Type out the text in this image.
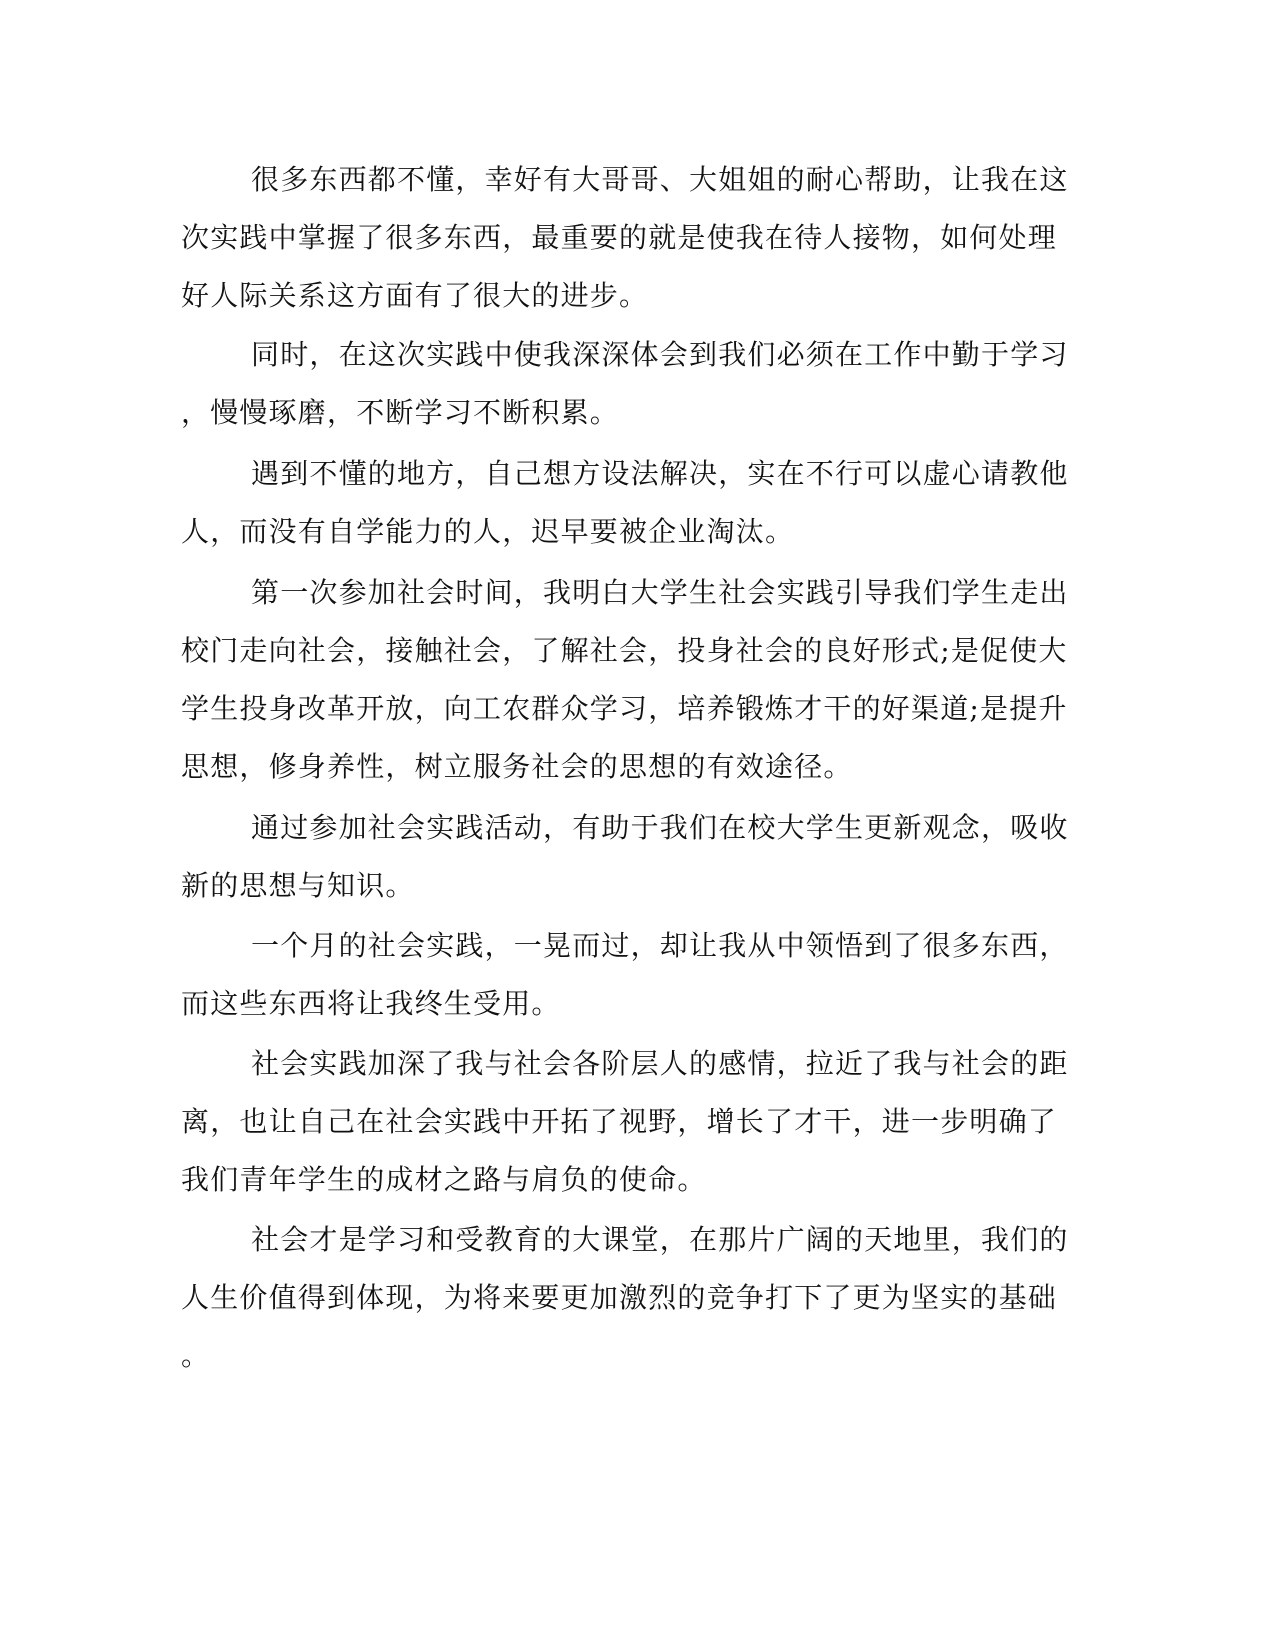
很多东西都不懂，幸好有大哥哥、大姐姐的耐心帮助，让我在这
次实践中掌握了很多东西，最重要的就是使我在待人接物，如何处理
好人际关系这方面有了很大的进步。
同时，在这次实践中使我深深体会到我们必须在工作中勤于学习
，慢慢琢磨，不断学习不断积累。
遇到不懂的地方，自己想方设法解决，实在不行可以虚心请教他
人，而没有自学能力的人，迟早要被企业淘汰。
第一次参加社会时间，我明白大学生社会实践引导我们学生走出
校门走向社会，接触社会，了解社会，投身社会的良好形式;是促使大
学生投身改革开放，向工农群众学习，培养锻炼才干的好渠道;是提升
思想，修身养性，树立服务社会的思想的有效途径。
通过参加社会实践活动，有助于我们在校大学生更新观念，吸收
新的思想与知识。
一个月的社会实践，一晃而过，却让我从中领悟到了很多东西，
而这些东西将让我终生受用。
社会实践加深了我与社会各阶层人的感情，拉近了我与社会的距
离，也让自己在社会实践中开拓了视野，增长了才干，进一步明确了
我们青年学生的成材之路与肩负的使命。
社会才是学习和受教育的大课堂，在那片广阔的天地里，我们的
人生价值得到体现，为将来要更加激烈的竞争打下了更为坚实的基础
。
